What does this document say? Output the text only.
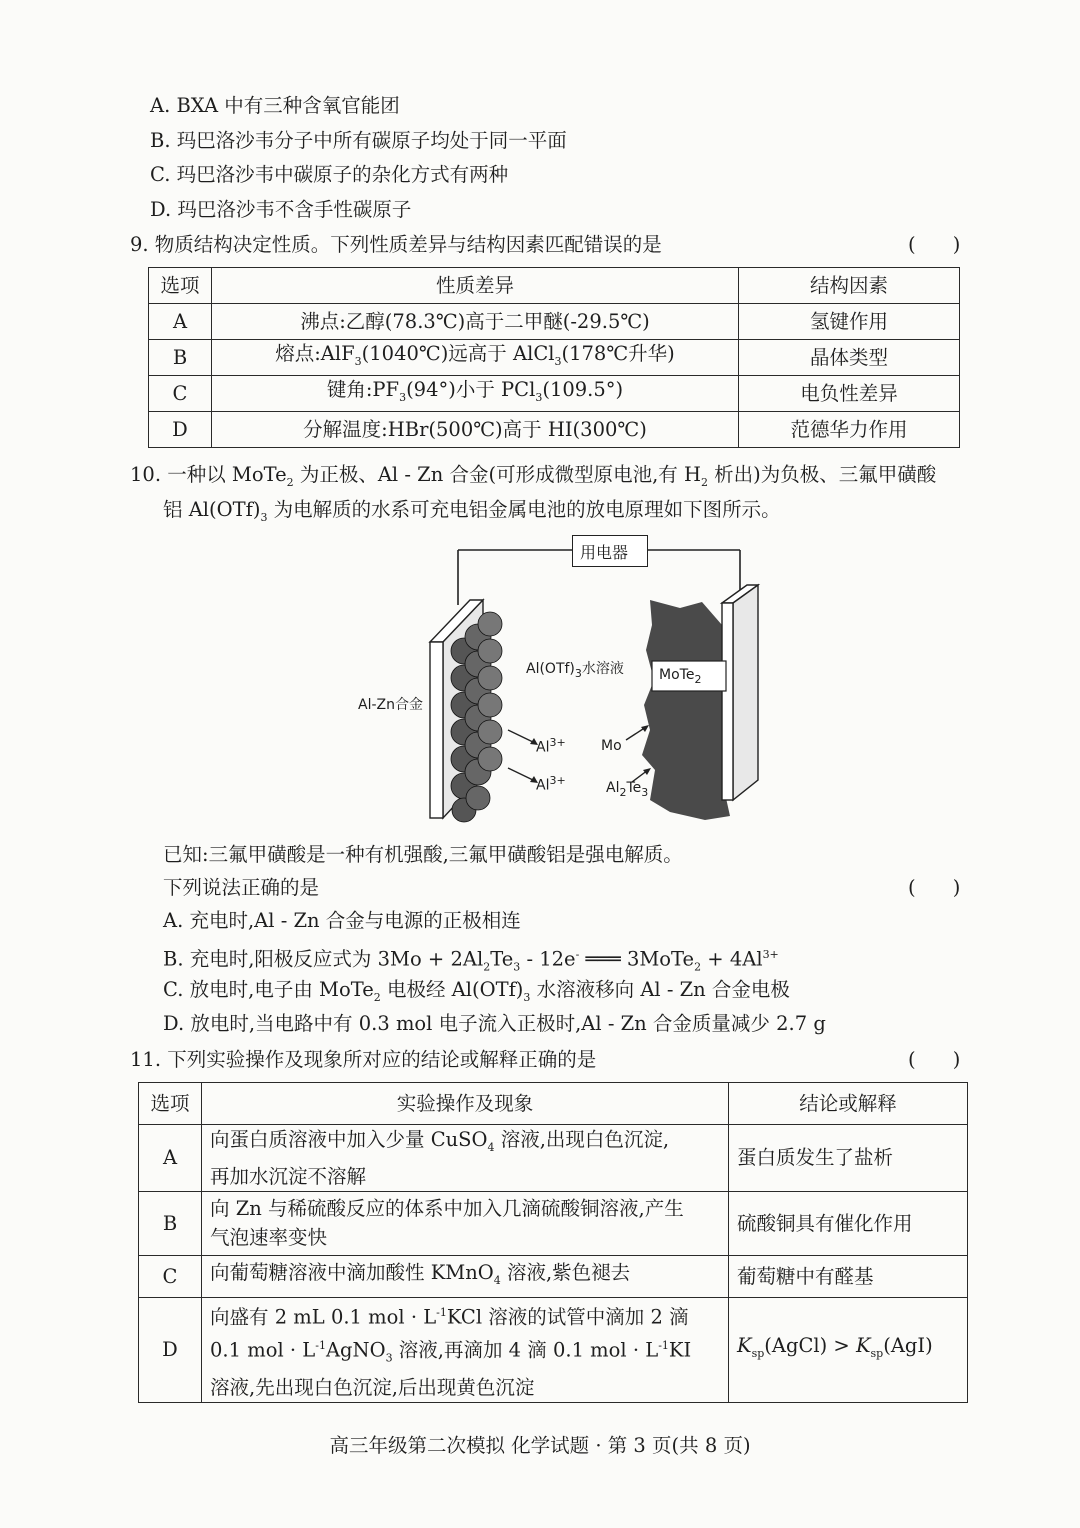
A. BXA 中有三种含氧官能团
B. 玛巴洛沙韦分子中所有碳原子均处于同一平面
C. 玛巴洛沙韦中碳原子的杂化方式有两种
D. 玛巴洛沙韦不含手性碳原子
9. 物质结构决定性质。下列性质差异与结构因素匹配错误的是	(      )
选项	性质差异	结构因素
A	沸点:乙醇(78.3℃)高于二甲醚(-29.5℃)	氢键作用
B	熔点:AlF$_3$(1040℃)远高于 AlCl$_3$(178℃升华)	晶体类型
C	键角$:PF_3(94^\circ)$小于 PCl$_3$(109.5°)	电负性差异
D	分解温度:HBr(500℃)高于 HI(300℃)	范德华力作用
10. 一种以 MoTe$_2$ 为正极、Al - Zn 合金(可形成微型原电池,有 $H_2$ 析出)为负极、三氟甲磺酸
铝 $Al(OTf)_3$ 为电解质的水系可充电铝金属电池的放电原理如下图所示。
用电器
Al-Zn合金
$Al(OTf)_3$水溶液	MoTe$_2$
$Al^{3+}$
$Al^{3+}$
Mo
$Al_2Te_3$
已知:三氟甲磺酸是一种有机强酸,三氟甲磺酸铝是强电解质。
下列说法正确的是	(      )
A. 充电时,Al - Zn 合金与电源的正极相连
B. 充电时,阳极反应式为 $3Mo + 2Al_2Te_3 - 12e^-$ ═══ 3MoTe$_2$ + $4Al^{3+}$
C. 放电时,电子由 MoTe$_2$ 电极经 $Al(OTf)_3$ 水溶液移向 Al - Zn 合金电极
D. 放电时,当电路中有 0.3 mol 电子流入正极时,Al - Zn 合金质量减少 2.7 g
11. 下列实验操作及现象所对应的结论或解释正确的是	(      )
选项	实验操作及现象	结论或解释
A	向蛋白质溶液中加入少量 CuSO$_4$ 溶液,出现白色沉淀,
再加水沉淀不溶解	蛋白质发生了盐析
B	向 Zn 与稀硫酸反应的体系中加入几滴硫酸铜溶液,产生
气泡速率变快	硫酸铜具有催化作用
C	向葡萄糖溶液中滴加酸性 KMnO$_4$ 溶液,紫色褪去	葡萄糖中有醛基
D	向盛有 2 mL 0.1 mol · $L^{-1}KCl$ 溶液的试管中滴加 2 滴
0.1 mol · $L^{-1}AgNO_3$ 溶液,再滴加 4 滴 0.1 mol · $L^{-1}KI$
溶液,先出现白色沉淀,后出现黄色沉淀	$K_{sp}(AgCl) > K_{sp}(AgI)$
高三年级第二次模拟 化学试题 · 第 3 页(共 8 页)
